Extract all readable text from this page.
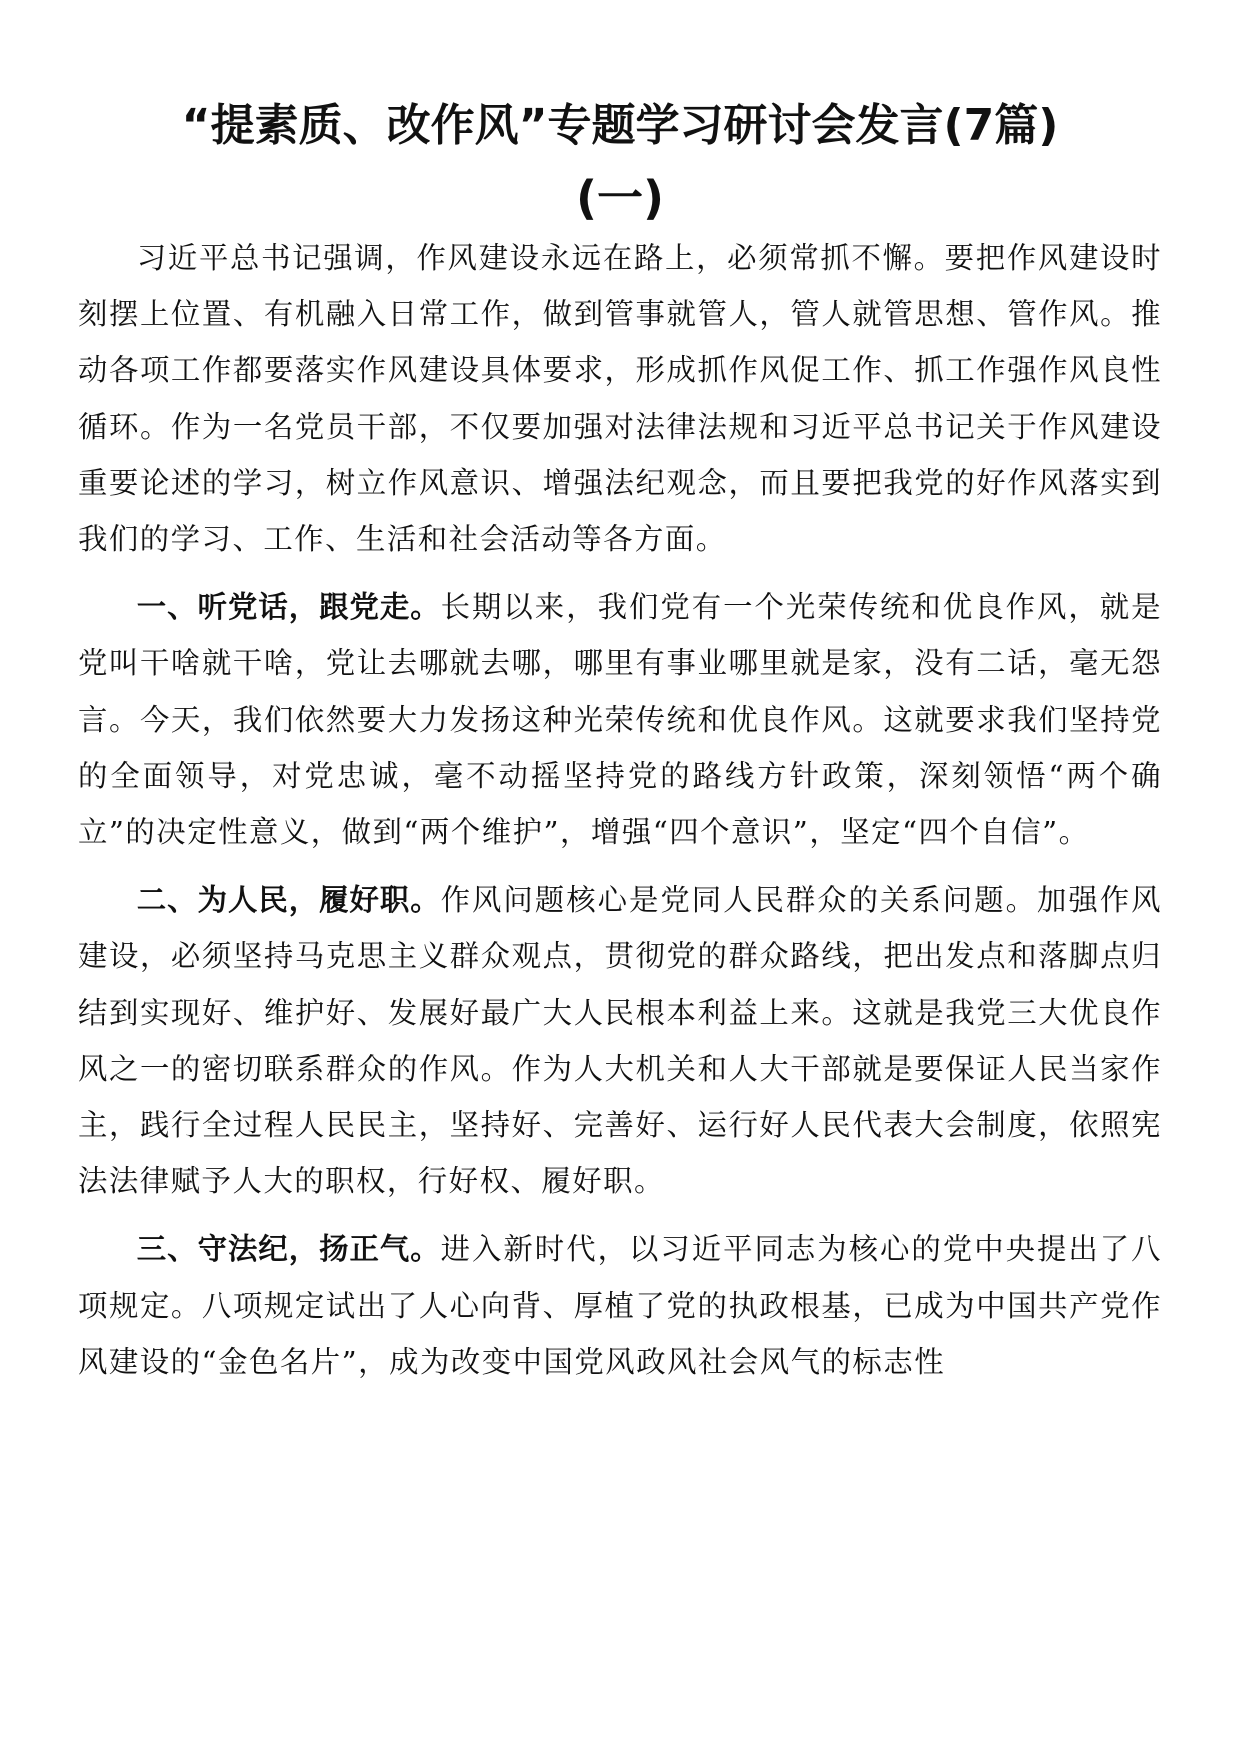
“提素质、改作风”专题学习研讨会发言(7篇)
(一)

习近平总书记强调，作风建设永远在路上，必须常抓不懈。要把作风建设时刻摆上位置、有机融入日常工作，做到管事就管人，管人就管思想、管作风。推动各项工作都要落实作风建设具体要求，形成抓作风促工作、抓工作强作风良性循环。作为一名党员干部，不仅要加强对法律法规和习近平总书记关于作风建设重要论述的学习，树立作风意识、增强法纪观念，而且要把我党的好作风落实到我们的学习、工作、生活和社会活动等各方面。

一、听党话，跟党走。长期以来，我们党有一个光荣传统和优良作风，就是党叫干啥就干啥，党让去哪就去哪，哪里有事业哪里就是家，没有二话，毫无怨言。今天，我们依然要大力发扬这种光荣传统和优良作风。这就要求我们坚持党的全面领导，对党忠诚，毫不动摇坚持党的路线方针政策，深刻领悟“两个确立”的决定性意义，做到“两个维护”，增强“四个意识”，坚定“四个自信”。

二、为人民，履好职。作风问题核心是党同人民群众的关系问题。加强作风建设，必须坚持马克思主义群众观点，贯彻党的群众路线，把出发点和落脚点归结到实现好、维护好、发展好最广大人民根本利益上来。这就是我党三大优良作风之一的密切联系群众的作风。作为人大机关和人大干部就是要保证人民当家作主，践行全过程人民民主，坚持好、完善好、运行好人民代表大会制度，依照宪法法律赋予人大的职权，行好权、履好职。

三、守法纪，扬正气。进入新时代，以习近平同志为核心的党中央提出了八项规定。八项规定试出了人心向背、厚植了党的执政根基，已成为中国共产党作风建设的“金色名片”，成为改变中国党风政风社会风气的标志性
